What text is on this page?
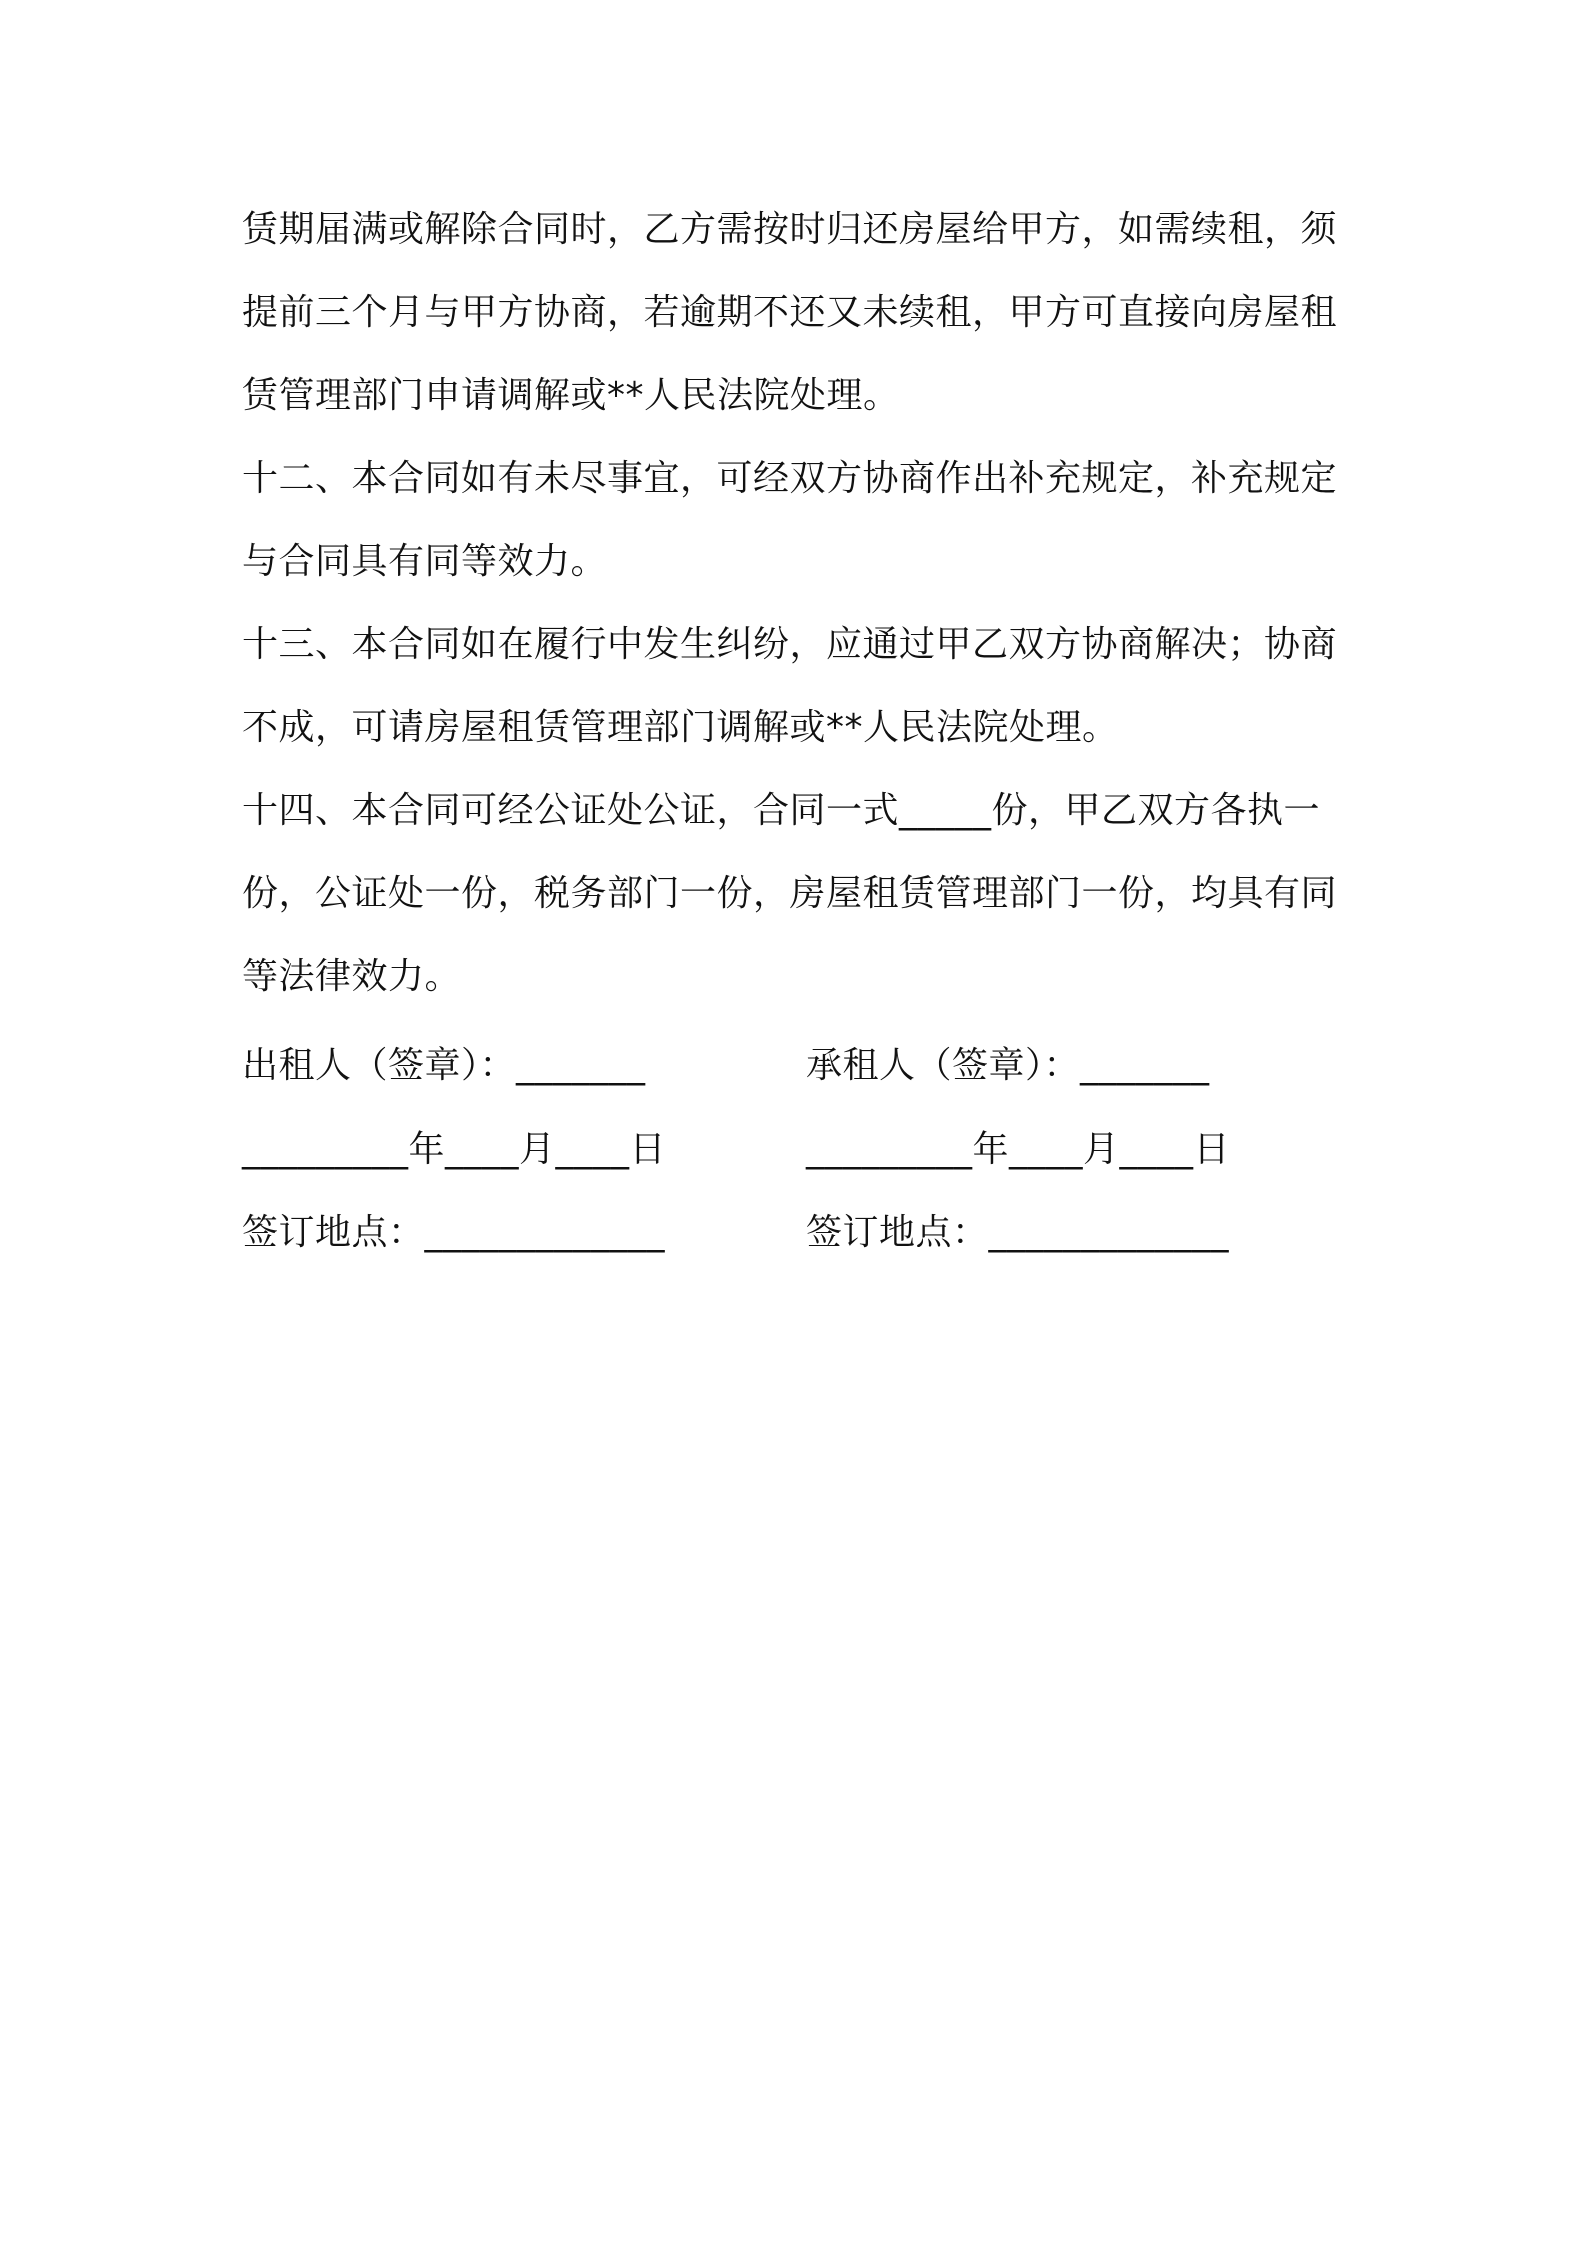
赁期届满或解除合同时，乙方需按时归还房屋给甲方，如需续租，须
提前三个月与甲方协商，若逾期不还又未续租，甲方可直接向房屋租
赁管理部门申请调解或**人民法院处理。
十二、本合同如有未尽事宜，可经双方协商作出补充规定，补充规定
与合同具有同等效力。
十三、本合同如在履行中发生纠纷，应通过甲乙双方协商解决；协商
不成，可请房屋租赁管理部门调解或**人民法院处理。
十四、本合同可经公证处公证，合同一式_____份，甲乙双方各执一
份，公证处一份，税务部门一份，房屋租赁管理部门一份，均具有同
等法律效力。
出租人（签章）：_______	承租人（签章）：_______
_________年____月____日	_________年____月____日
签订地点：_____________	签订地点：_____________
